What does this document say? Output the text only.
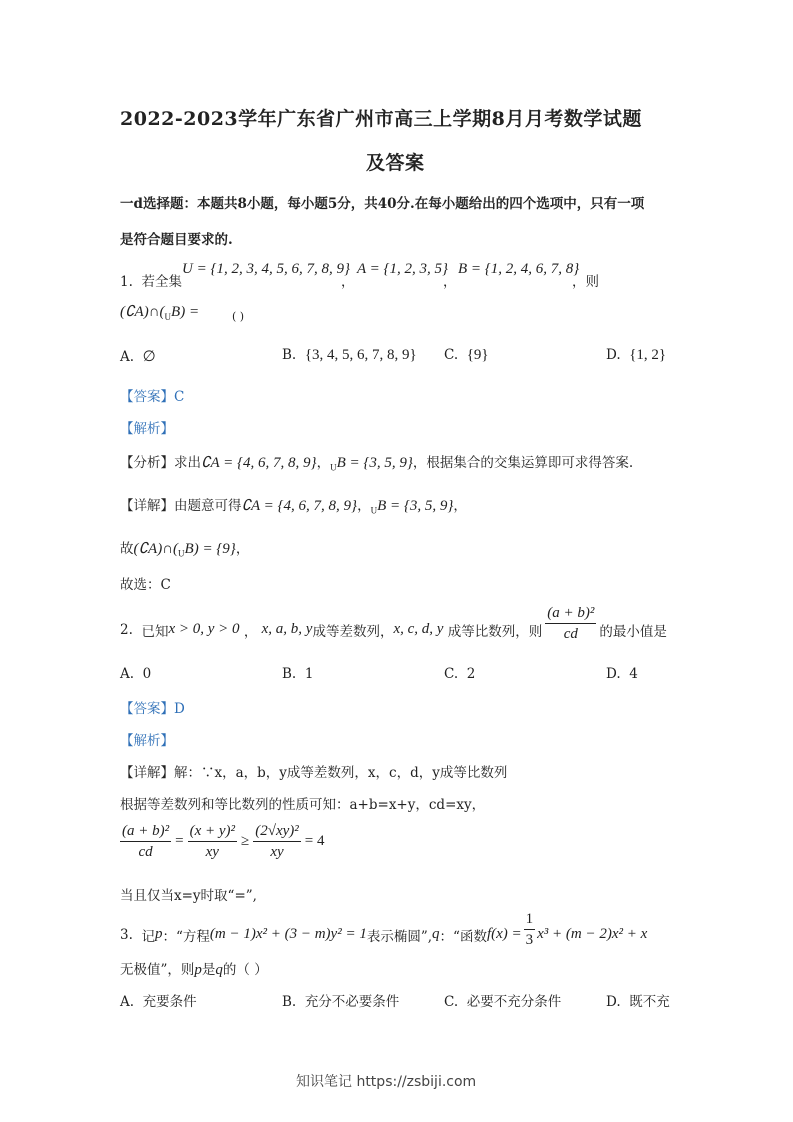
2022-2023学年广东省广州市高三上学期8月月考数学试题
及答案
一d选择题：本题共8小题，每小题5分，共40分.在每小题给出的四个选项中，只有一项
是符合题目要求的.
1. 若全集
U = {1, 2, 3, 4, 5, 6, 7, 8, 9}
，
A = {1, 2, 3, 5}
，
B = {1, 2, 4, 6, 7, 8}
，则
$(∁A)\cap(_UB)$ =	( )
A. ∅	B. {3, 4, 5, 6, 7, 8, 9} C. {9}	D. {1, 2}
【答案】C
【解析】
【分析】求出∁A = {4, 6, 7, 8, 9}，$_U$B = {3, 5, 9}，根据集合的交集运算即可求得答案.
【详解】由题意可得∁A = {4, 6, 7, 8, 9}，$_U$B = {3, 5, 9}，
故$(∁A)\cap(_UB) = \{9\}$，
故选：C
2.
已知 x > 0, y > 0 ， x, a, b, y 成等差数列， x, c, d, y
成等比数列，则 $\frac{\text{(a + b)²}}{cd}$ 的最小值是
A. 0	B. 1	C. 2	D. 4
【答案】D
【解析】
【详解】解：∵x，a，b，y成等差数列，x，c，d，y成等比数列
根据等差数列和等比数列的性质可知：a+b=x+y，cd=xy，
$\frac{\text{(a + b)²}}{cd} = \frac{\text{(x + y)²}}{xy} \ge \frac{\text{(2√xy)²}}{xy} = 4$
当且仅当x=y时取“=”,
3.
记 p ：“方程 (m − 1)x² + (3 − m)y² = 1 表示椭圆”, q ：“函数 $f(x) = \frac{1}{3} x^3 + (m - 2)x^2 + x$
无极值”，则p是q的（ ）
A. 充要条件	B. 充分不必要条件	C. 必要不充分条件	D. 既不充
知识笔记 https://zsbiji.com
